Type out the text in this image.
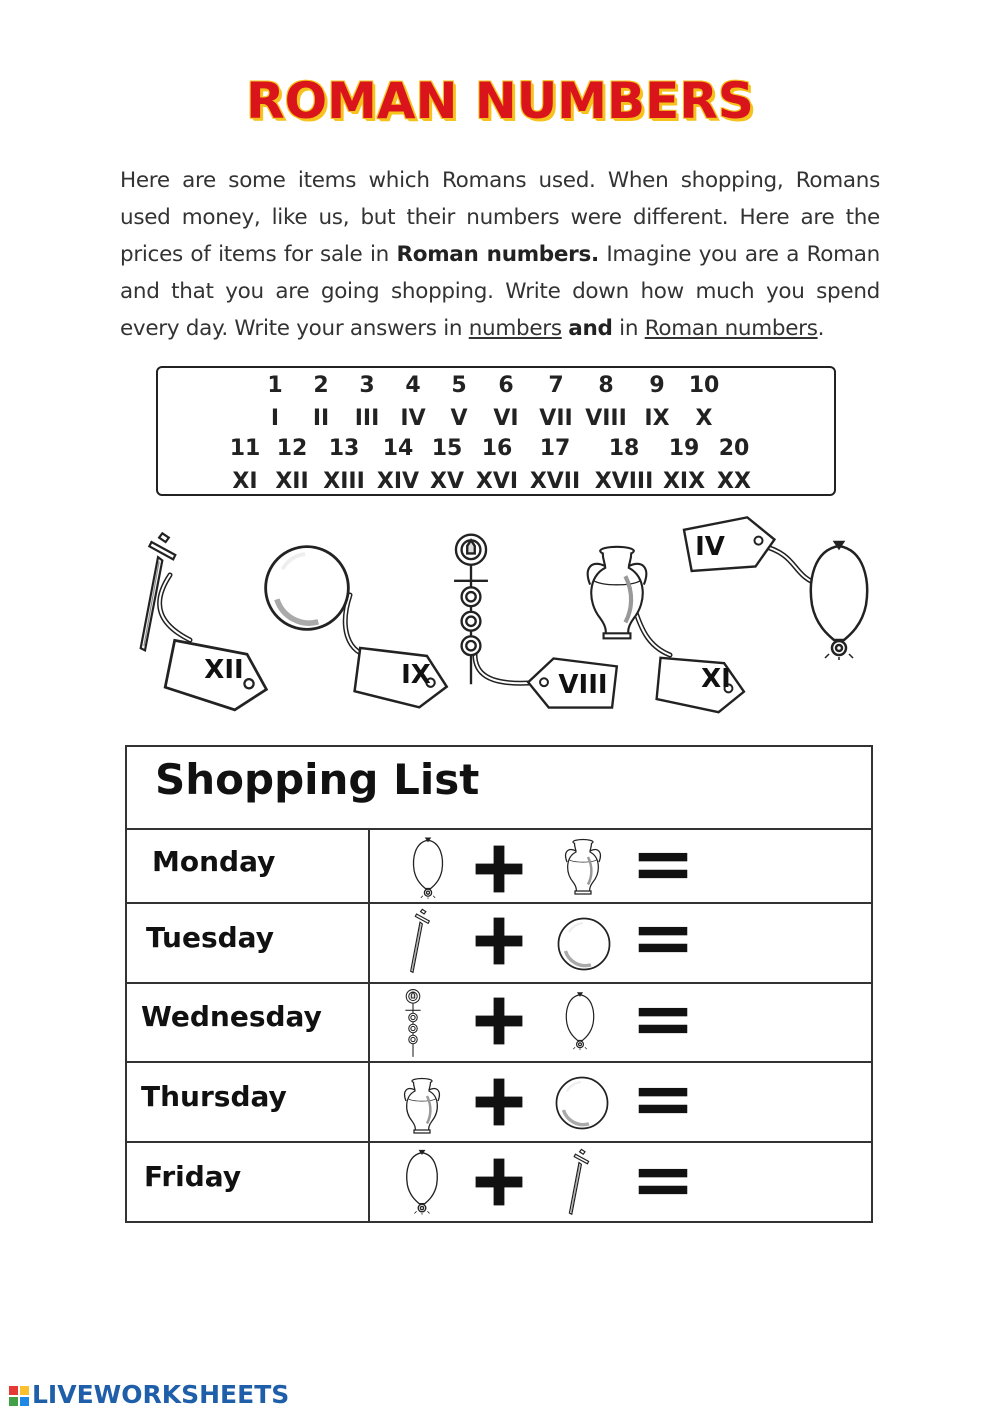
ROMAN NUMBERS
Here are some items which Romans used. When shopping, Romans used money, like us, but their numbers were different. Here are the prices of items for sale in Roman numbers. Imagine you are a Roman and that you are going shopping. Write down how much you spend every day. Write your answers in numbers and in Roman numbers.
1 2 3 4 5 6 7 8 9 10
I II III IV V VI VII VIII IX X
11 12 13 14 15 16 17 18 19 20
XI XII XIII XIV XV XVI XVII XVIII XIX XX
XII	IX	VIII	XI
IV
Shopping List
Monday
Tuesday
Wednesday
Thursday
Friday
LIVEWORKSHEETS
